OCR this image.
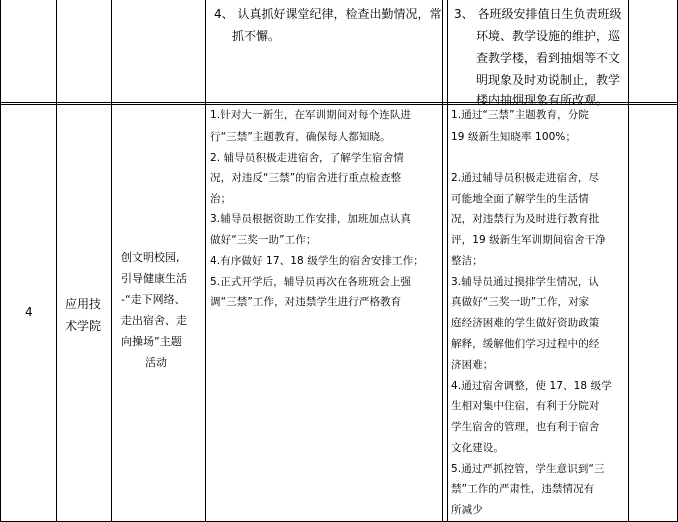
4、 认真抓好课堂纪律，检查出勤情况，常
抓不懈。
3、 各班级安排值日生负责班级
环境、教学设施的维护，巡
查教学楼，看到抽烟等不文
明现象及时劝说制止，教学
楼内抽烟现象有所改观。
4
应用技
术学院
创文明校园,
引导健康生活
-“走下网络、
走出宿舍、走
向操场”主题
活动
1.针对大一新生，在军训期间对每个连队进
行“三禁”主题教育，确保每人都知晓。
2. 辅导员积极走进宿舍，了解学生宿舍情
况，对违反“三禁”的宿舍进行重点检查整
治；
3.辅导员根据资助工作安排，加班加点认真
做好“三奖一助”工作；
4.有序做好 17、18 级学生的宿舍安排工作；
5.正式开学后，辅导员再次在各班班会上强
调“三禁”工作，对违禁学生进行严格教育
1.通过“三禁”主题教育，分院
19 级新生知晓率 100%；
2.通过辅导员积极走进宿舍，尽
可能地全面了解学生的生活情
况，对违禁行为及时进行教育批
评，19 级新生军训期间宿舍干净
整洁；
3.辅导员通过摸排学生情况，认
真做好“三奖一助”工作，对家
庭经济困难的学生做好资助政策
解释，缓解他们学习过程中的经
济困难；
4.通过宿舍调整，使 17、18 级学
生相对集中住宿，有利于分院对
学生宿舍的管理，也有利于宿舍
文化建设。
5.通过严抓控管，学生意识到“三
禁”工作的严肃性，违禁情况有
所减少
